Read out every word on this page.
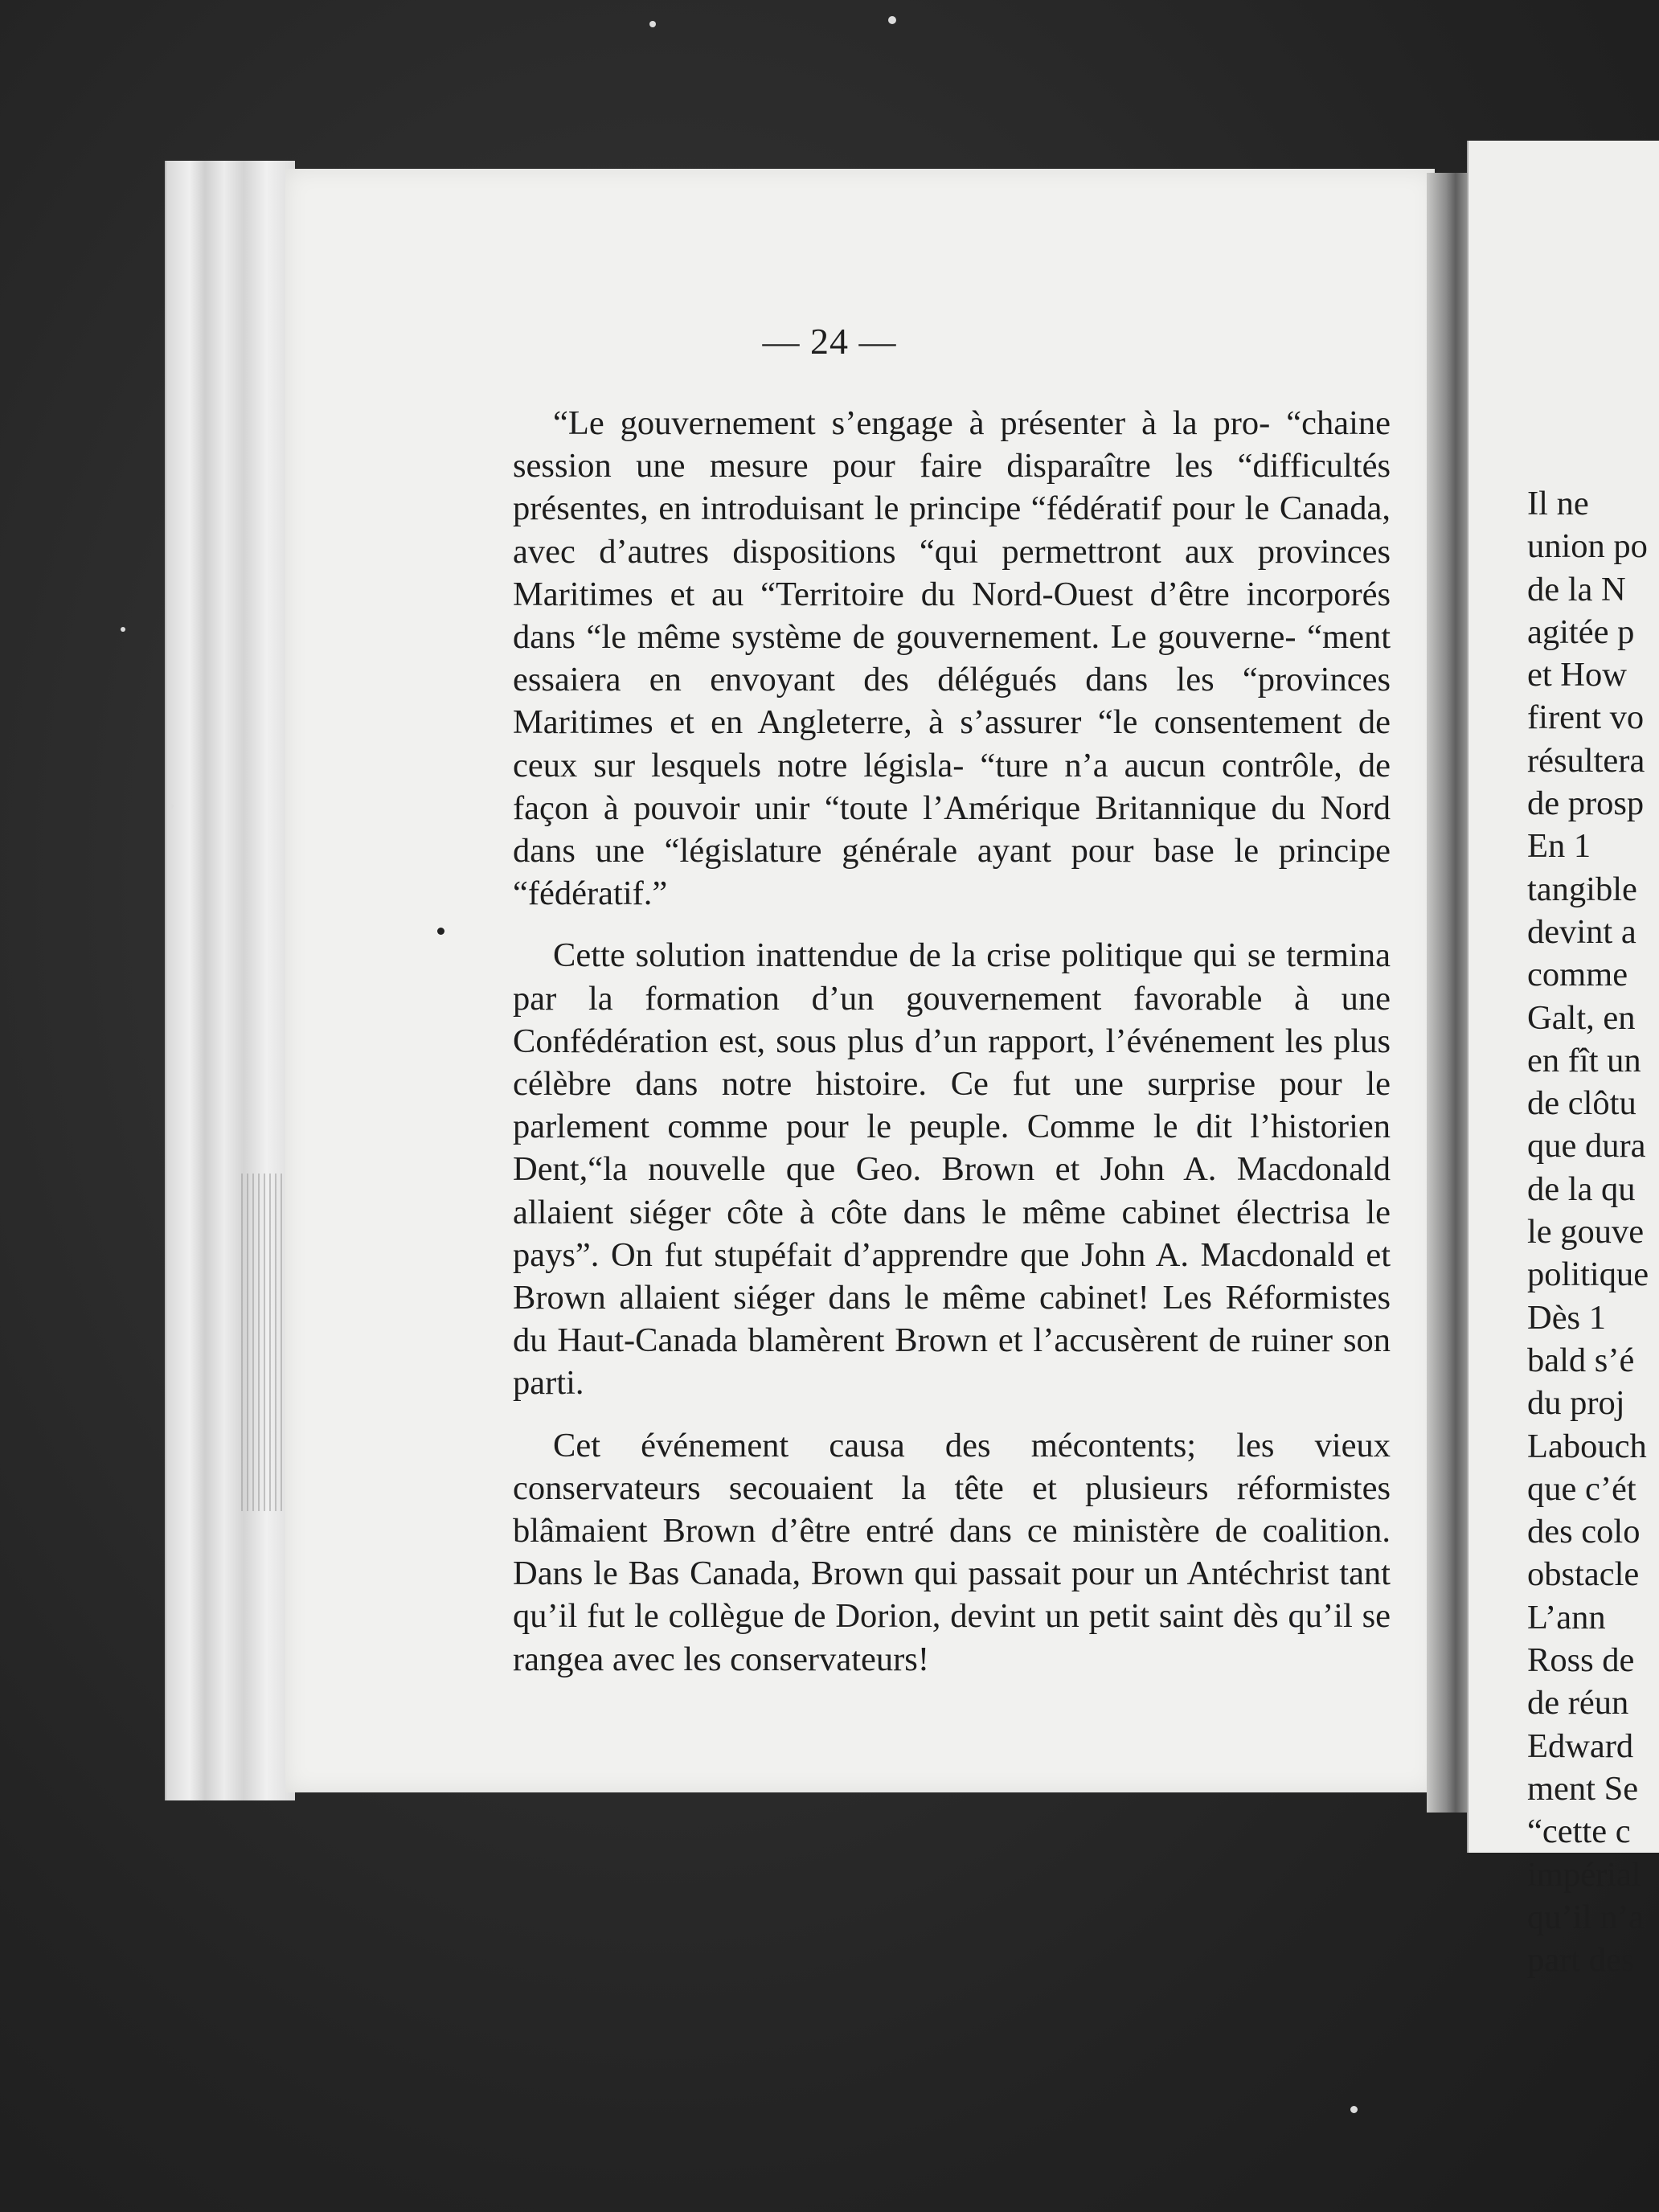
— 24 —

“Le gouvernement s’engage à présenter à la pro- “chaine session une mesure pour faire disparaître les “difficultés présentes, en introduisant le principe “fédératif pour le Canada, avec d’autres dispositions “qui permettront aux provinces Maritimes et au “Territoire du Nord-Ouest d’être incorporés dans “le même système de gouvernement. Le gouverne- “ment essaiera en envoyant des délégués dans les “provinces Maritimes et en Angleterre, à s’assurer “le consentement de ceux sur lesquels notre législa- “ture n’a aucun contrôle, de façon à pouvoir unir “toute l’Amérique Britannique du Nord dans une “législature générale ayant pour base le principe “fédératif.”

Cette solution inattendue de la crise politique qui se termina par la formation d’un gouvernement favorable à une Confédération est, sous plus d’un rapport, l’événement les plus célèbre dans notre histoire. Ce fut une surprise pour le parlement comme pour le peuple. Comme le dit l’historien Dent,“la nouvelle que Geo. Brown et John A. Macdonald allaient siéger côte à côte dans le même cabinet électrisa le pays”. On fut stupéfait d’apprendre que John A. Macdonald et Brown allaient siéger dans le même cabinet! Les Réformistes du Haut-Canada blamèrent Brown et l’accusèrent de ruiner son parti.

Cet événement causa des mécontents; les vieux conservateurs secouaient la tête et plusieurs réformistes blâmaient Brown d’être entré dans ce ministère de coalition. Dans le Bas Canada, Brown qui passait pour un Antéchrist tant qu’il fut le collègue de Dorion, devint un petit saint dès qu’il se rangea avec les conservateurs!

Il ne
union po
de la N
agitée p
et How
firent vo
résultera
de prosp
En 1
tangible
devint a
comme
Galt, en
en fît un
de clôtu
que dura
de la qu
le gouve
politique
Dès 1
bald s’é
du proj
Labouch
que c’ét
des colo
obstacle
L’ann
Ross de
de réun
Edward
ment Se
“cette c
impérial
qu’il n’a
part des
